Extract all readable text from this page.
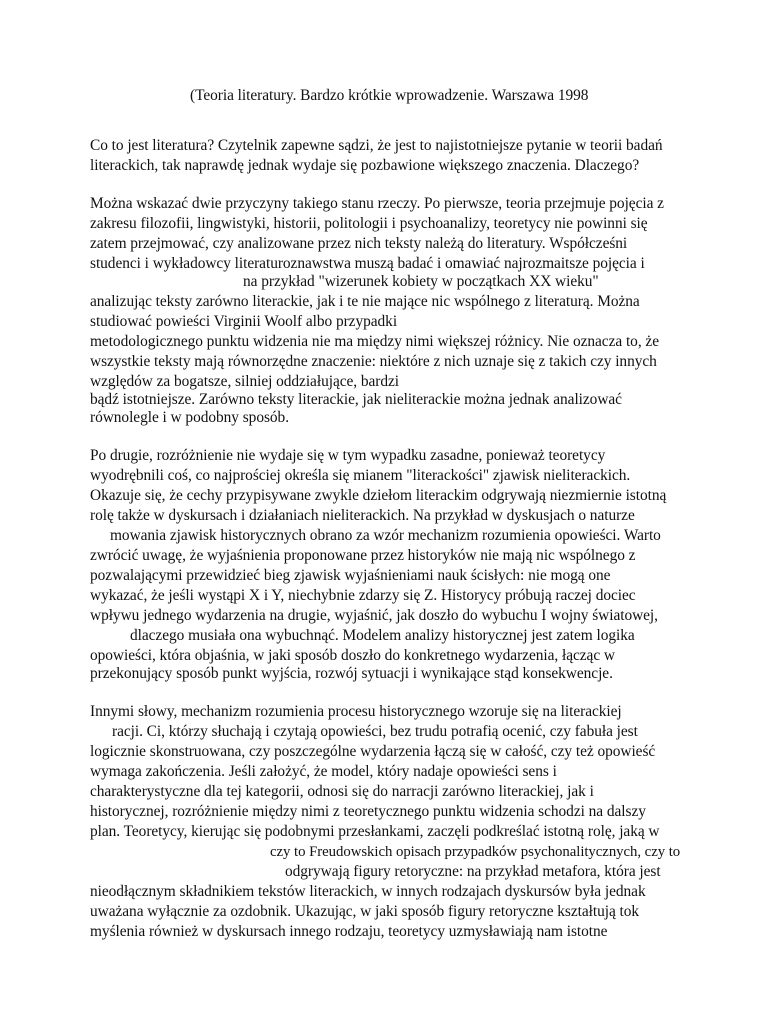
(Teoria literatury. Bardzo krótkie wprowadzenie. Warszawa 1998
Co to jest literatura? Czytelnik zapewne sądzi, że jest to najistotniejsze pytanie w teorii badań
literackich, tak naprawdę jednak wydaje się pozbawione większego znaczenia. Dlaczego?
Można wskazać dwie przyczyny takiego stanu rzeczy. Po pierwsze, teoria przejmuje pojęcia z
zakresu filozofii, lingwistyki, historii, politologii i psychoanalizy, teoretycy nie powinni się
zatem przejmować, czy analizowane przez nich teksty należą do literatury. Współcześni
studenci i wykładowcy literaturoznawstwa muszą badać i omawiać najrozmaitsze pojęcia i
na przykład "wizerunek kobiety w początkach XX wieku"
analizując teksty zarówno literackie, jak i te nie mające nic wspólnego z literaturą. Można
studiować powieści Virginii Woolf albo przypadki
metodologicznego punktu widzenia nie ma między nimi większej różnicy. Nie oznacza to, że
wszystkie teksty mają równorzędne znaczenie: niektóre z nich uznaje się z takich czy innych
względów za bogatsze, silniej oddziałujące, bardzi
bądź istotniejsze. Zarówno teksty literackie, jak nieliterackie można jednak analizować
równolegle i w podobny sposób.
Po drugie, rozróżnienie nie wydaje się w tym wypadku zasadne, ponieważ teoretycy
wyodrębnili coś, co najprościej określa się mianem "literackości" zjawisk nieliterackich.
Okazuje się, że cechy przypisywane zwykle dziełom literackim odgrywają niezmiernie istotną
rolę także w dyskursach i działaniach nieliterackich. Na przykład w dyskusjach o naturze
mowania zjawisk historycznych obrano za wzór mechanizm rozumienia opowieści. Warto
zwrócić uwagę, że wyjaśnienia proponowane przez historyków nie mają nic wspólnego z
pozwalającymi przewidzieć bieg zjawisk wyjaśnieniami nauk ścisłych: nie mogą one
wykazać, że jeśli wystąpi X i Y, niechybnie zdarzy się Z. Historycy próbują raczej dociec
wpływu jednego wydarzenia na drugie, wyjaśnić, jak doszło do wybuchu I wojny światowej,
dlaczego musiała ona wybuchnąć. Modelem analizy historycznej jest zatem logika
opowieści, która objaśnia, w jaki sposób doszło do konkretnego wydarzenia, łącząc w
przekonujący sposób punkt wyjścia, rozwój sytuacji i wynikające stąd konsekwencje.
Innymi słowy, mechanizm rozumienia procesu historycznego wzoruje się na literackiej
racji. Ci, którzy słuchają i czytają opowieści, bez trudu potrafią ocenić, czy fabuła jest
logicznie skonstruowana, czy poszczególne wydarzenia łączą się w całość, czy też opowieść
wymaga zakończenia. Jeśli założyć, że model, który nadaje opowieści sens i
charakterystyczne dla tej kategorii, odnosi się do narracji zarówno literackiej, jak i
historycznej, rozróżnienie między nimi z teoretycznego punktu widzenia schodzi na dalszy
plan. Teoretycy, kierując się podobnymi przesłankami, zaczęli podkreślać istotną rolę, jaką w
czy to Freudowskich opisach przypadków psychonalitycznych, czy to
odgrywają figury retoryczne: na przykład metafora, która jest
nieodłącznym składnikiem tekstów literackich, w innych rodzajach dyskursów była jednak
uważana wyłącznie za ozdobnik. Ukazując, w jaki sposób figury retoryczne kształtują tok
myślenia również w dyskursach innego rodzaju, teoretycy uzmysławiają nam istotne
